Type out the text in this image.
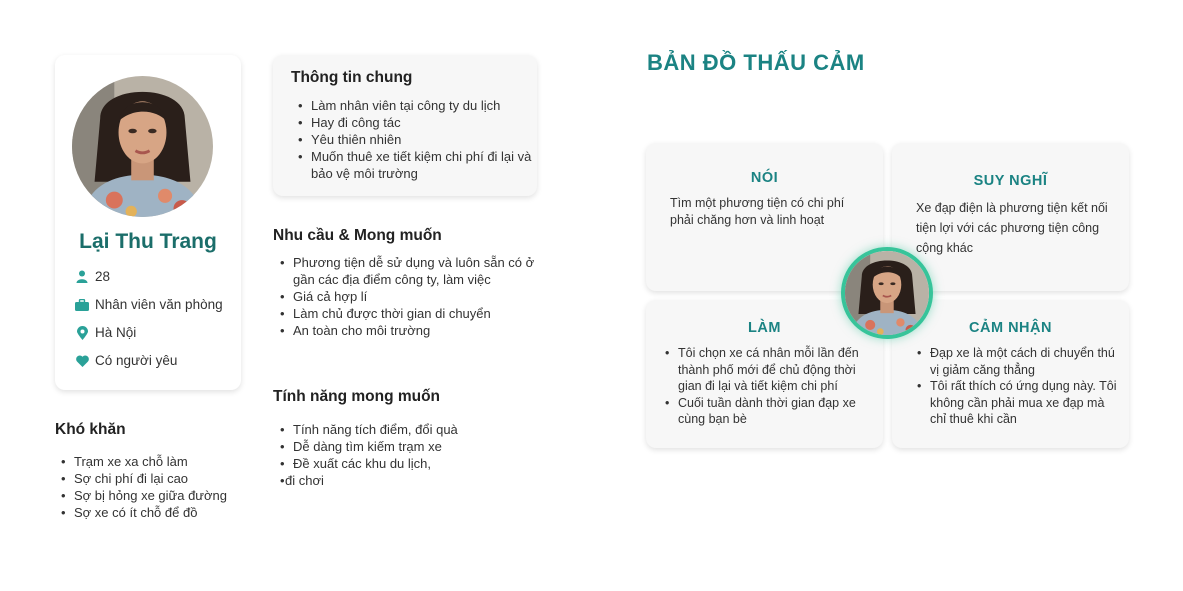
Lại Thu Trang
28
Nhân viên văn phòng
Hà Nội
Có người yêu
Thông tin chung
• Làm nhân viên tại công ty du lịch
• Hay đi công tác
• Yêu thiên nhiên
• Muốn thuê xe tiết kiệm chi phí đi lại và bảo vệ môi trường
Nhu cầu & Mong muốn
• Phương tiện dễ sử dụng và luôn sẵn có ở gần các địa điểm công ty, làm việc
• Giá cả hợp lí
• Làm chủ được thời gian di chuyển
• An toàn cho môi trường
Tính năng mong muốn
• Tính năng tích điểm, đổi quà
• Dễ dàng tìm kiếm trạm xe
• Đề xuất các khu du lịch,
• đi chơi
Khó khăn
• Trạm xe xa chỗ làm
• Sợ chi phí đi lại cao
• Sợ bị hỏng xe giữa đường
• Sợ xe có ít chỗ để đồ
BẢN ĐỒ THẤU CẢM
NÓI

Tìm một phương tiện có chi phí phải chăng hơn và linh hoạt

SUY NGHĨ

Xe đạp điện là phương tiện kết nối tiện lợi với các phương tiện công cộng khác

LÀM
• Tôi chọn xe cá nhân mỗi lần đến thành phố mới để chủ động thời gian đi lại và tiết kiệm chi phí
• Cuối tuần dành thời gian đạp xe cùng bạn bè
CẢM NHẬN
• Đạp xe là một cách di chuyển thú vị giảm căng thẳng
• Tôi rất thích có ứng dụng này. Tôi không cần phải mua xe đạp mà chỉ thuê khi cần
